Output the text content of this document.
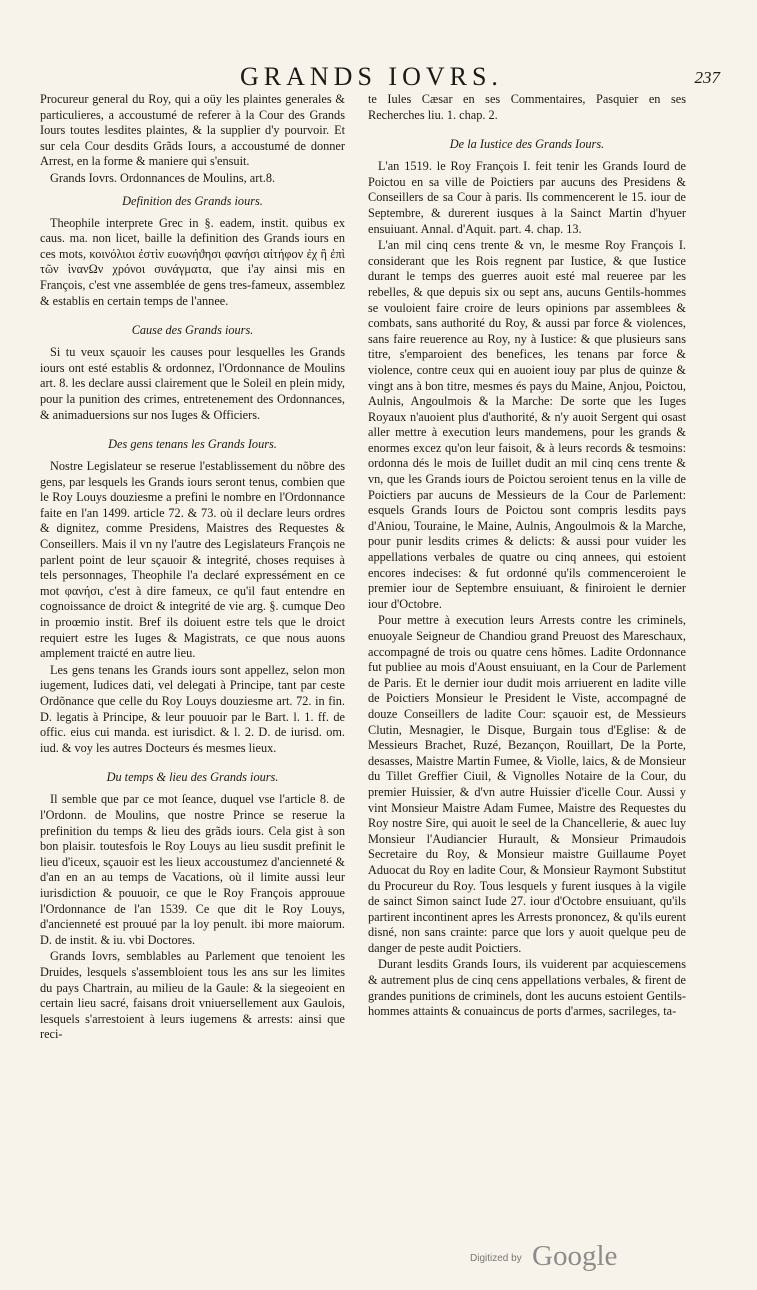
GRANDS IOVRS.	237

Procureur general du Roy, qui a oüy les plaintes generales & particulieres, a accoustumé de referer à la Cour des Grands Iours toutes lesdites plaintes, & la supplier d'y pourvoir. Et sur cela Cour desdits Grãds Iours, a accoustumé de donner Arrest, en la forme & maniere qui s'ensuit.

Grands Iovrs. Ordonnances de Moulins, art.8.

Definition des Grands iours.

Theophile interprete Grec in §. eadem, instit. quibus ex caus. ma. non licet, baille la definition des Grands iours en ces mots, κοινόλιοι ἐστὶν ευωνήϑησι φανήσι αἰτήφον ἐχ ἢ ἐπὶ τῶν ἰνανΩν χρόνοι συνάγματα, que i'ay ainsi mis en François, c'est vne assemblée de gens tres-fameux, assemblez & establis en certain temps de l'annee.

Cause des Grands iours.

Si tu veux sçauoir les causes pour lesquelles les Grands iours ont esté establis & ordonnez, l'Ordonnance de Moulins art. 8. les declare aussi clairement que le Soleil en plein midy, pour la punition des crimes, entretenement des Ordonnances, & animaduersions sur nos Iuges & Officiers.

Des gens tenans les Grands Iours.

Nostre Legislateur se reserue l'establissement du nõbre des gens, par lesquels les Grands iours seront tenus, combien que le Roy Louys douziesme a prefini le nombre en l'Ordonnance faite en l'an 1499. article 72. & 73. où il declare leurs ordres & dignitez, comme Presidens, Maistres des Requestes & Conseillers. Mais il vn ny l'autre des Legislateurs François ne parlent point de leur sçauoir & integrité, choses requises à tels personnages, Theophile l'a declaré expressément en ce mot φανήσι, c'est à dire fameux, ce qu'il faut entendre en cognoissance de droict & integrité de vie arg. §. cumque Deo in proœmio instit. Bref ils doiuent estre tels que le droict requiert estre les Iuges & Magistrats, ce que nous auons amplement traicté en autre lieu.

Les gens tenans les Grands iours sont appellez, selon mon iugement, Iudices dati, vel delegati à Principe, tant par ceste Ordõnance que celle du Roy Louys douziesme art. 72. in fin. D. legatis à Principe, & leur pouuoir par le Bart. l. 1. ff. de offic. eius cui manda. est iurisdict. & l. 2. D. de iurisd. om. iud. & voy les autres Docteurs és mesmes lieux.

Du temps & lieu des Grands iours.

Il semble que par ce mot ſeance, duquel vse l'article 8. de l'Ordonn. de Moulins, que nostre Prince se reserue la prefinition du temps & lieu des grãds iours. Cela gist à son bon plaisir. toutesfois le Roy Louys au lieu susdit prefinit le lieu d'iceux, sçauoir est les lieux accoustumez d'ancienneté & d'an en an au temps de Vacations, où il limite aussi leur iurisdiction & pouuoir, ce que le Roy François approuue l'Ordonnance de l'an 1539. Ce que dit le Roy Louys, d'ancienneté est prouué par la loy penult. ibi more maiorum. D. de instit. & iu. vbi Doctores.

Grands Iovrs, semblables au Parlement que tenoient les Druides, lesquels s'assembloient tous les ans sur les limites du pays Chartrain, au milieu de la Gaule: & la siegeoient en certain lieu sacré, faisans droit vniuersellement aux Gaulois, lesquels s'arrestoient à leurs iugemens & arrests: ainsi que reci-

te Iules Cæsar en ses Commentaires, Pasquier en ses Recherches liu. 1. chap. 2.

De la Iustice des Grands Iours.

L'an 1519. le Roy François I. feit tenir les Grands Iourd de Poictou en sa ville de Poictiers par aucuns des Presidens & Conseillers de sa Cour à paris. Ils commencerent le 15. iour de Septembre, & durerent iusques à la Sainct Martin d'hyuer ensuiuant. Annal. d'Aquit. part. 4. chap. 13.

L'an mil cinq cens trente & vn, le mesme Roy François I. considerant que les Rois regnent par Iustice, & que Iustice durant le temps des guerres auoit esté mal reueree par les rebelles, & que depuis six ou sept ans, aucuns Gentils-hommes se vouloient faire croire de leurs opinions par assemblees & combats, sans authorité du Roy, & aussi par force & violences, sans faire reuerence au Roy, ny à Iustice: & que plusieurs sans titre, s'emparoient des benefices, les tenans par force & violence, contre ceux qui en auoient iouy par plus de quinze & vingt ans à bon titre, mesmes és pays du Maine, Anjou, Poictou, Aulnis, Angoulmois & la Marche: De sorte que les Iuges Royaux n'auoient plus d'authorité, & n'y auoit Sergent qui osast aller mettre à execution leurs mandemens, pour les grands & enormes excez qu'on leur faisoit, & à leurs records & tesmoins: ordonna dés le mois de Iuillet dudit an mil cinq cens trente & vn, que les Grands iours de Poictou seroient tenus en la ville de Poictiers par aucuns de Messieurs de la Cour de Parlement: esquels Grands Iours de Poictou sont compris lesdits pays d'Aniou, Touraine, le Maine, Aulnis, Angoulmois & la Marche, pour punir lesdits crimes & delicts: & aussi pour vuider les appellations verbales de quatre ou cinq annees, qui estoient encores indecises: & fut ordonné qu'ils commenceroient le premier iour de Septembre ensuiuant, & finiroient le dernier iour d'Octobre.

Pour mettre à execution leurs Arrests contre les criminels, enuoyale Seigneur de Chandiou grand Preuost des Mareschaux, accompagné de trois ou quatre cens hõmes. Ladite Ordonnance fut publiee au mois d'Aoust ensuiuant, en la Cour de Parlement de Paris. Et le dernier iour dudit mois arriuerent en ladite ville de Poictiers Monsieur le President le Viste, accompagné de douze Conseillers de ladite Cour: sçauoir est, de Messieurs Clutin, Mesnagier, le Disque, Burgain tous d'Eglise: & de Messieurs Brachet, Ruzé, Bezançon, Rouillart, De la Porte, desasses, Maistre Martin Fumee, & Violle, laics, & de Monsieur du Tillet Greffier Ciuil, & Vignolles Notaire de la Cour, du premier Huissier, & d'vn autre Huissier d'icelle Cour. Aussi y vint Monsieur Maistre Adam Fumee, Maistre des Requestes du Roy nostre Sire, qui auoit le seel de la Chancellerie, & auec luy Monsieur l'Audiancier Hurault, & Monsieur Primaudois Secretaire du Roy, & Monsieur maistre Guillaume Poyet Aduocat du Roy en ladite Cour, & Monsieur Raymont Substitut du Procureur du Roy. Tous lesquels y furent iusques à la vigile de sainct Simon sainct Iude 27. iour d'Octobre ensuiuant, qu'ils partirent incontinent apres les Arrests prononcez, & qu'ils eurent disné, non sans crainte: parce que lors y auoit quelque peu de danger de peste audit Poictiers.

Durant lesdits Grands Iours, ils vuiderent par acquiescemens & autrement plus de cinq cens appellations verbales, & firent de grandes punitions de criminels, dont les aucuns estoient Gentils-hommes attaints & conuaincus de ports d'armes, sacrileges, ta-

Digitized by Google
